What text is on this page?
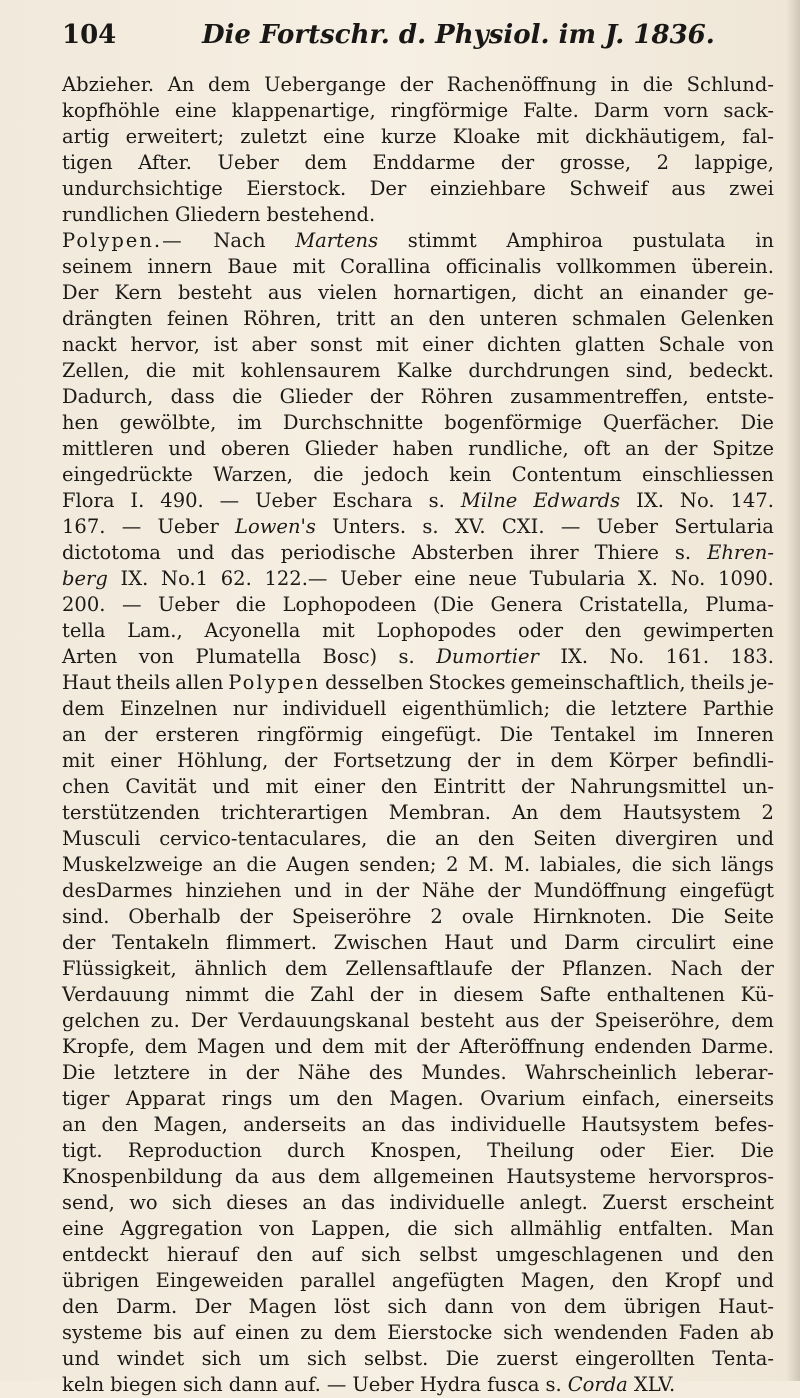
104	Die Fortschr. d. Physiol. im J. 1836.
Abzieher. An dem Uebergange der Rachenöffnung in die Schlund-
kopfhöhle eine klappenartige, ringförmige Falte. Darm vorn sack-
artig erweitert; zuletzt eine kurze Kloake mit dickhäutigem, fal-
tigen After. Ueber dem Enddarme der grosse, 2 lappige,
undurchsichtige Eierstock. Der einziehbare Schweif aus zwei
rundlichen Gliedern bestehend.
Polypen.— Nach Martens stimmt Amphiroa pustulata in
seinem innern Baue mit Corallina officinalis vollkommen überein.
Der Kern besteht aus vielen hornartigen, dicht an einander ge-
drängten feinen Röhren, tritt an den unteren schmalen Gelenken
nackt hervor, ist aber sonst mit einer dichten glatten Schale von
Zellen, die mit kohlensaurem Kalke durchdrungen sind, bedeckt.
Dadurch, dass die Glieder der Röhren zusammentreffen, entste-
hen gewölbte, im Durchschnitte bogenförmige Querfächer. Die
mittleren und oberen Glieder haben rundliche, oft an der Spitze
eingedrückte Warzen, die jedoch kein Contentum einschliessen
Flora I. 490. — Ueber Eschara s. Milne Edwards IX. No. 147.
167. — Ueber Lowen's Unters. s. XV. CXI. — Ueber Sertularia
dictotoma und das periodische Absterben ihrer Thiere s. Ehren-
berg IX. No.1 62. 122.— Ueber eine neue Tubularia X. No. 1090.
200. — Ueber die Lophopodeen (Die Genera Cristatella, Pluma-
tella Lam., Acyonella mit Lophopodes oder den gewimperten
Arten von Plumatella Bosc) s. Dumortier IX. No. 161. 183.
Haut theils allen Polypen desselben Stockes gemeinschaftlich, theils je-
dem Einzelnen nur individuell eigenthümlich; die letztere Parthie
an der ersteren ringförmig eingefügt. Die Tentakel im Inneren
mit einer Höhlung, der Fortsetzung der in dem Körper befindli-
chen Cavität und mit einer den Eintritt der Nahrungsmittel un-
terstützenden trichterartigen Membran. An dem Hautsystem 2
Musculi cervico-tentaculares, die an den Seiten divergiren und
Muskelzweige an die Augen senden; 2 M. M. labiales, die sich längs
desDarmes hinziehen und in der Nähe der Mundöffnung eingefügt
sind. Oberhalb der Speiseröhre 2 ovale Hirnknoten. Die Seite
der Tentakeln flimmert. Zwischen Haut und Darm circulirt eine
Flüssigkeit, ähnlich dem Zellensaftlaufe der Pflanzen. Nach der
Verdauung nimmt die Zahl der in diesem Safte enthaltenen Kü-
gelchen zu. Der Verdauungskanal besteht aus der Speiseröhre, dem
Kropfe, dem Magen und dem mit der Afteröffnung endenden Darme.
Die letztere in der Nähe des Mundes. Wahrscheinlich leberar-
tiger Apparat rings um den Magen. Ovarium einfach, einerseits
an den Magen, anderseits an das individuelle Hautsystem befes-
tigt. Reproduction durch Knospen, Theilung oder Eier. Die
Knospenbildung da aus dem allgemeinen Hautsysteme hervorspros-
send, wo sich dieses an das individuelle anlegt. Zuerst erscheint
eine Aggregation von Lappen, die sich allmählig entfalten. Man
entdeckt hierauf den auf sich selbst umgeschlagenen und den
übrigen Eingeweiden parallel angefügten Magen, den Kropf und
den Darm. Der Magen löst sich dann von dem übrigen Haut-
systeme bis auf einen zu dem Eierstocke sich wendenden Faden ab
und windet sich um sich selbst. Die zuerst eingerollten Tenta-
keln biegen sich dann auf. — Ueber Hydra fusca s. Corda XLV.
